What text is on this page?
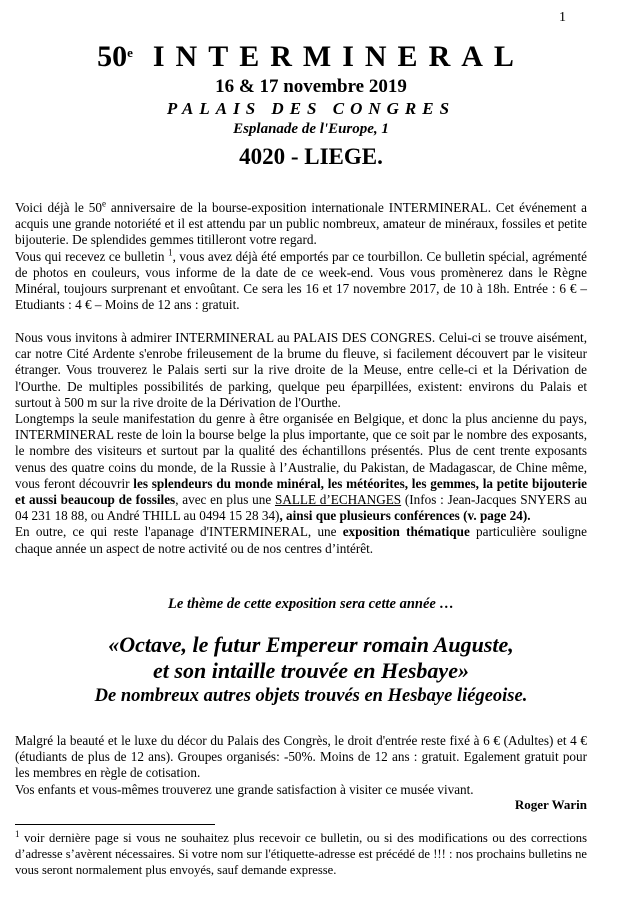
1
50e INTERMINERAL
16 & 17 novembre 2019
PALAIS DES CONGRES
Esplanade de l'Europe, 1
4020 - LIEGE.

Voici déjà le 50e anniversaire de la bourse-exposition internationale INTERMINERAL. Cet événement a acquis une grande notoriété et il est attendu par un public nombreux, amateur de minéraux, fossiles et petite bijouterie. De splendides gemmes titilleront votre regard.

Vous qui recevez ce bulletin $^1$, vous avez déjà été emportés par ce tourbillon. Ce bulletin spécial, agrémenté de photos en couleurs, vous informe de la date de ce week-end. Vous vous promènerez dans le Règne Minéral, toujours surprenant et envoûtant. Ce sera les 16 et 17 novembre 2017, de 10 à 18h. Entrée : 6 € – Etudiants : 4 € – Moins de 12 ans : gratuit.

Nous vous invitons à admirer INTERMINERAL au PALAIS DES CONGRES. Celui-ci se trouve aisément, car notre Cité Ardente s'enrobe frileusement de la brume du fleuve, si facilement découvert par le visiteur étranger. Vous trouverez le Palais serti sur la rive droite de la Meuse, entre celle-ci et la Dérivation de l'Ourthe. De multiples possibilités de parking, quelque peu éparpillées, existent: environs du Palais et surtout à 500 m sur la rive droite de la Dérivation de l'Ourthe.

Longtemps la seule manifestation du genre à être organisée en Belgique, et donc la plus ancienne du pays, INTERMINERAL reste de loin la bourse belge la plus importante, que ce soit par le nombre des exposants, le nombre des visiteurs et surtout par la qualité des échantillons présentés. Plus de cent trente exposants venus des quatre coins du monde, de la Russie à l’Australie, du Pakistan, de Madagascar, de Chine même, vous feront découvrir les splendeurs du monde minéral, les météorites, les gemmes, la petite bijouterie et aussi beaucoup de fossiles, avec en plus une SALLE d’ECHANGES (Infos : Jean-Jacques SNYERS au 04 231 18 88, ou André THILL au 0494 15 28 34), ainsi que plusieurs conférences (v. page 24).

En outre, ce qui reste l'apanage d'INTERMINERAL, une exposition thématique particulière souligne chaque année un aspect de notre activité ou de nos centres d’intérêt.

Le thème de cette exposition sera cette année …
«Octave, le futur Empereur romain Auguste,
et son intaille trouvée en Hesbaye»
De nombreux autres objets trouvés en Hesbaye liégeoise.

Malgré la beauté et le luxe du décor du Palais des Congrès, le droit d'entrée reste fixé à 6 € (Adultes) et 4 € (étudiants de plus de 12 ans). Groupes organisés: -50%. Moins de 12 ans : gratuit. Egalement gratuit pour les membres en règle de cotisation.

Vos enfants et vous-mêmes trouverez une grande satisfaction à visiter ce musée vivant.

Roger Warin
$^1$ voir dernière page si vous ne souhaitez plus recevoir ce bulletin, ou si des modifications ou des corrections d’adresse s’avèrent nécessaires. Si votre nom sur l'étiquette-adresse est précédé de !!! : nos prochains bulletins ne vous seront normalement plus envoyés, sauf demande expresse.
